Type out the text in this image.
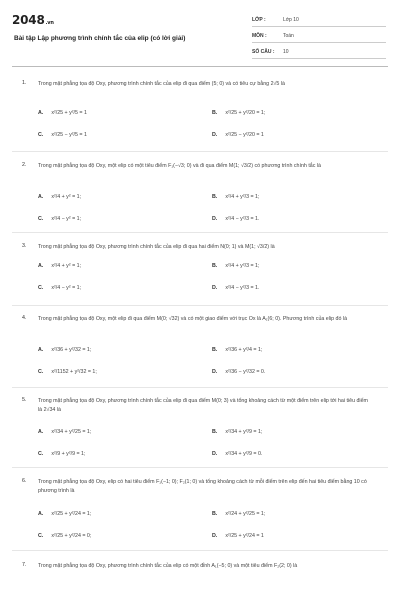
2048.vn
Bài tập Lập phương trình chính tắc của elip (có lời giải)
LỚP :	Lớp 10
MÔN :	Toán
SỐ CÂU : 10
1. Trong mặt phẳng tọa độ Oxy, phương trình chính tắc của elip đi qua điểm (5; 0) và có tiêu cự bằng 2√5 là
A. x²/25 + y²/5 = 1	B. x²/25 + y²/20 = 1;
C. x²/25 − y²/5 = 1	D. x²/25 − y²/20 = 1
2. Trong mặt phẳng tọa độ Oxy, một elip có một tiêu điểm F₁(−√3; 0) và đi qua điểm M(1; √3/2) có phương trình chính tắc là
A. x²/4 + y² = 1;	B. x²/4 + y²/3 = 1;
C. x²/4 − y² = 1;	D. x²/4 − y²/3 = 1.
3. Trong mặt phẳng tọa độ Oxy, phương trình chính tắc của elip đi qua hai điểm N(0; 1) và M(1; √3/2) là
A. x²/4 + y² = 1;	B. x²/4 + y²/3 = 1;
C. x²/4 − y² = 1;	D. x²/4 − y²/3 = 1.
4. Trong mặt phẳng tọa độ Oxy, một elip đi qua điểm M(0; √32) và có một giao điểm với trục Ox là A₁(6; 0). Phương trình của elip đó là
A. x²/36 + y²/32 = 1;	B. x²/36 + y²/4 = 1;
C. x²/1152 + y²/32 = 1;	D. x²/36 − y²/32 = 0.
5. Trong mặt phẳng tọa độ Oxy, phương trình chính tắc của elip đi qua điểm M(0; 3) và tổng khoảng cách từ một điểm trên elip tới hai tiêu điểm là 2√34 là
A. x²/34 + y²/25 = 1;	B. x²/34 + y²/9 = 1;
C. x²/9 + y²/9 = 1;	D. x²/34 + y²/9 = 0.
6. Trong mặt phẳng tọa độ Oxy, elip có hai tiêu điểm F₁(−1; 0); F₂(1; 0) và tổng khoảng cách từ mỗi điểm trên elip đến hai tiêu điểm bằng 10 có phương trình là
A. x²/25 + y²/24 = 1;	B. x²/24 + y²/25 = 1;
C. x²/25 + y²/24 = 0;	D. x²/25 + y²/24 = 1
7. Trong mặt phẳng tọa độ Oxy, phương trình chính tắc của elip có một đỉnh A₁(−5; 0) và một tiêu điểm F₂(2; 0) là
